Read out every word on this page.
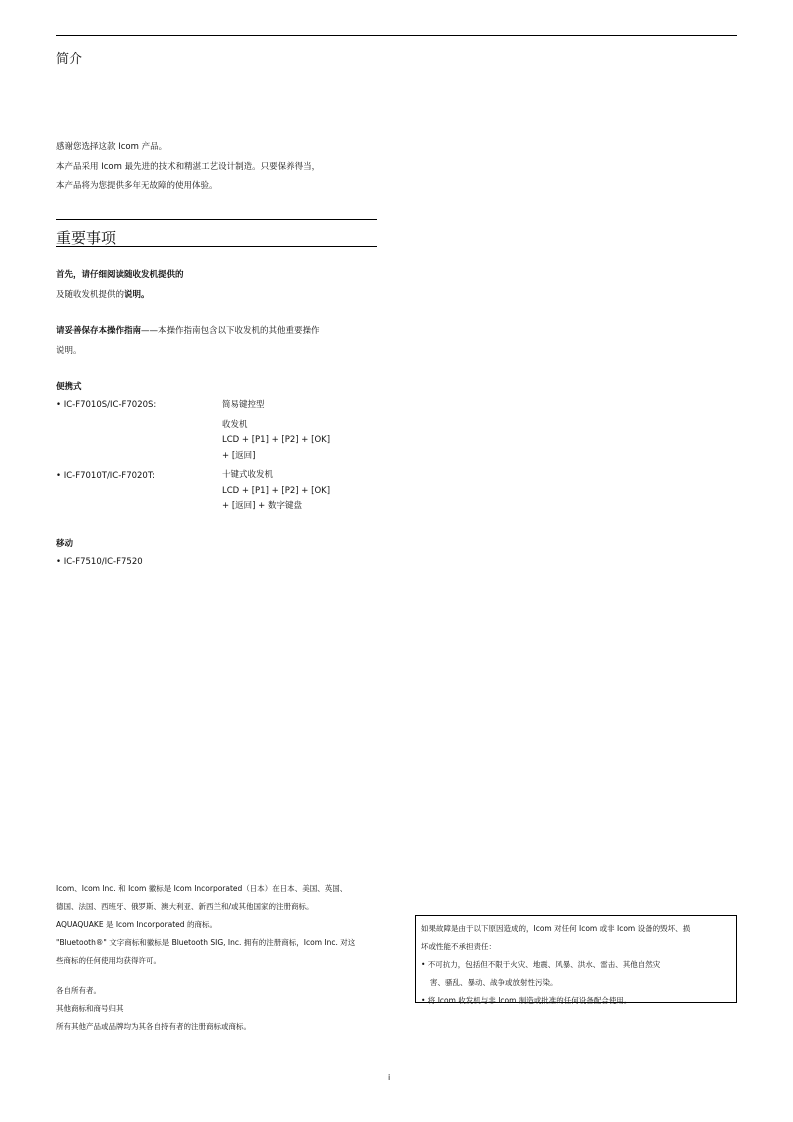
简介
感谢您选择这款 Icom 产品。
本产品采用 Icom 最先进的技术和精湛工艺设计制造。只要保养得当，
本产品将为您提供多年无故障的使用体验。
重要事项
首先，请仔细阅读随收发机提供的
及随收发机提供的说明。
请妥善保存本操作指南——本操作指南包含以下收发机的其他重要操作
说明。
便携式
• IC-F7010S/IC-F7020S:	简易键控型
收发机
LCD + [P1] + [P2] + [OK]
+ [返回]
• IC-F7010T/IC-F7020T:	十键式收发机
LCD + [P1] + [P2] + [OK]
+ [返回] + 数字键盘
移动
• IC-F7510/IC-F7520
Icom、Icom Inc. 和 Icom 徽标是 Icom Incorporated（日本）在日本、美国、英国、
德国、法国、西班牙、俄罗斯、澳大利亚、新西兰和/或其他国家的注册商标。
AQUAQUAKE 是 Icom Incorporated 的商标。
"Bluetooth®" 文字商标和徽标是 Bluetooth SIG, Inc. 拥有的注册商标，Icom Inc. 对这
些商标的任何使用均获得许可。
各自所有者。
其他商标和商号归其
所有其他产品或品牌均为其各自持有者的注册商标或商标。
如果故障是由于以下原因造成的，Icom 对任何 Icom 或非 Icom 设备的毁坏、损
坏或性能不承担责任：
• 不可抗力，包括但不限于火灾、地震、风暴、洪水、雷击、其他自然灾
害、骚乱、暴动、战争或放射性污染。
• 将 Icom 收发机与非 Icom 制造或批准的任何设备配合使用。
i
